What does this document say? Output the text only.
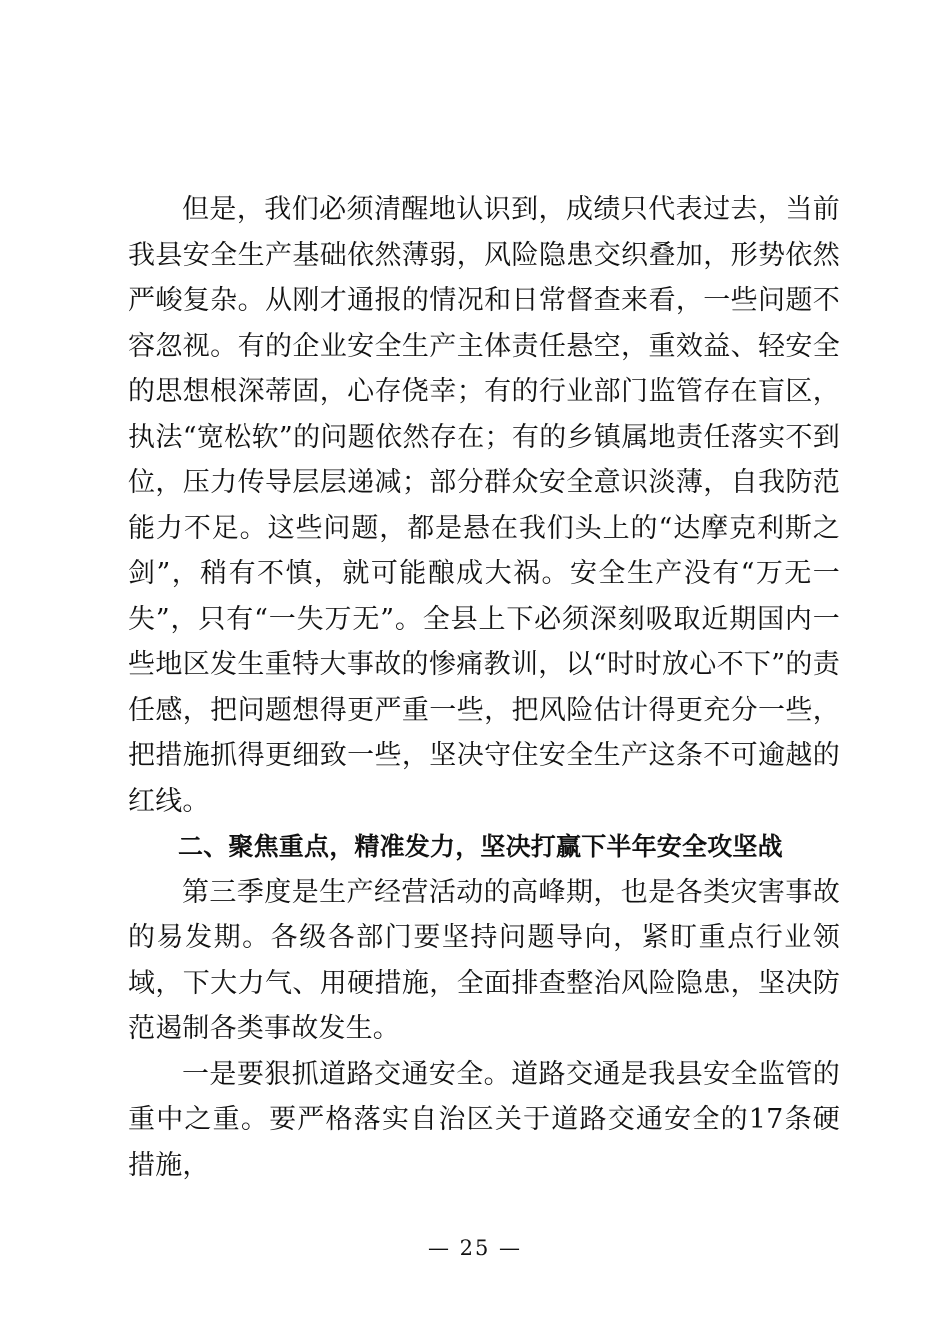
但是，我们必须清醒地认识到，成绩只代表过去，当前我县安全生产基础依然薄弱，风险隐患交织叠加，形势依然严峻复杂。从刚才通报的情况和日常督查来看，一些问题不容忽视。有的企业安全生产主体责任悬空，重效益、轻安全的思想根深蒂固，心存侥幸；有的行业部门监管存在盲区，执法“宽松软”的问题依然存在；有的乡镇属地责任落实不到位，压力传导层层递减；部分群众安全意识淡薄，自我防范能力不足。这些问题，都是悬在我们头上的“达摩克利斯之剑”，稍有不慎，就可能酿成大祸。安全生产没有“万无一失”，只有“一失万无”。全县上下必须深刻吸取近期国内一些地区发生重特大事故的惨痛教训，以“时时放心不下”的责任感，把问题想得更严重一些，把风险估计得更充分一些，把措施抓得更细致一些，坚决守住安全生产这条不可逾越的红线。

二、聚焦重点，精准发力，坚决打赢下半年安全攻坚战

第三季度是生产经营活动的高峰期，也是各类灾害事故的易发期。各级各部门要坚持问题导向，紧盯重点行业领域，下大力气、用硬措施，全面排查整治风险隐患，坚决防范遏制各类事故发生。

一是要狠抓道路交通安全。道路交通是我县安全监管的重中之重。要严格落实自治区关于道路交通安全的17条硬措施，

— 25 —
